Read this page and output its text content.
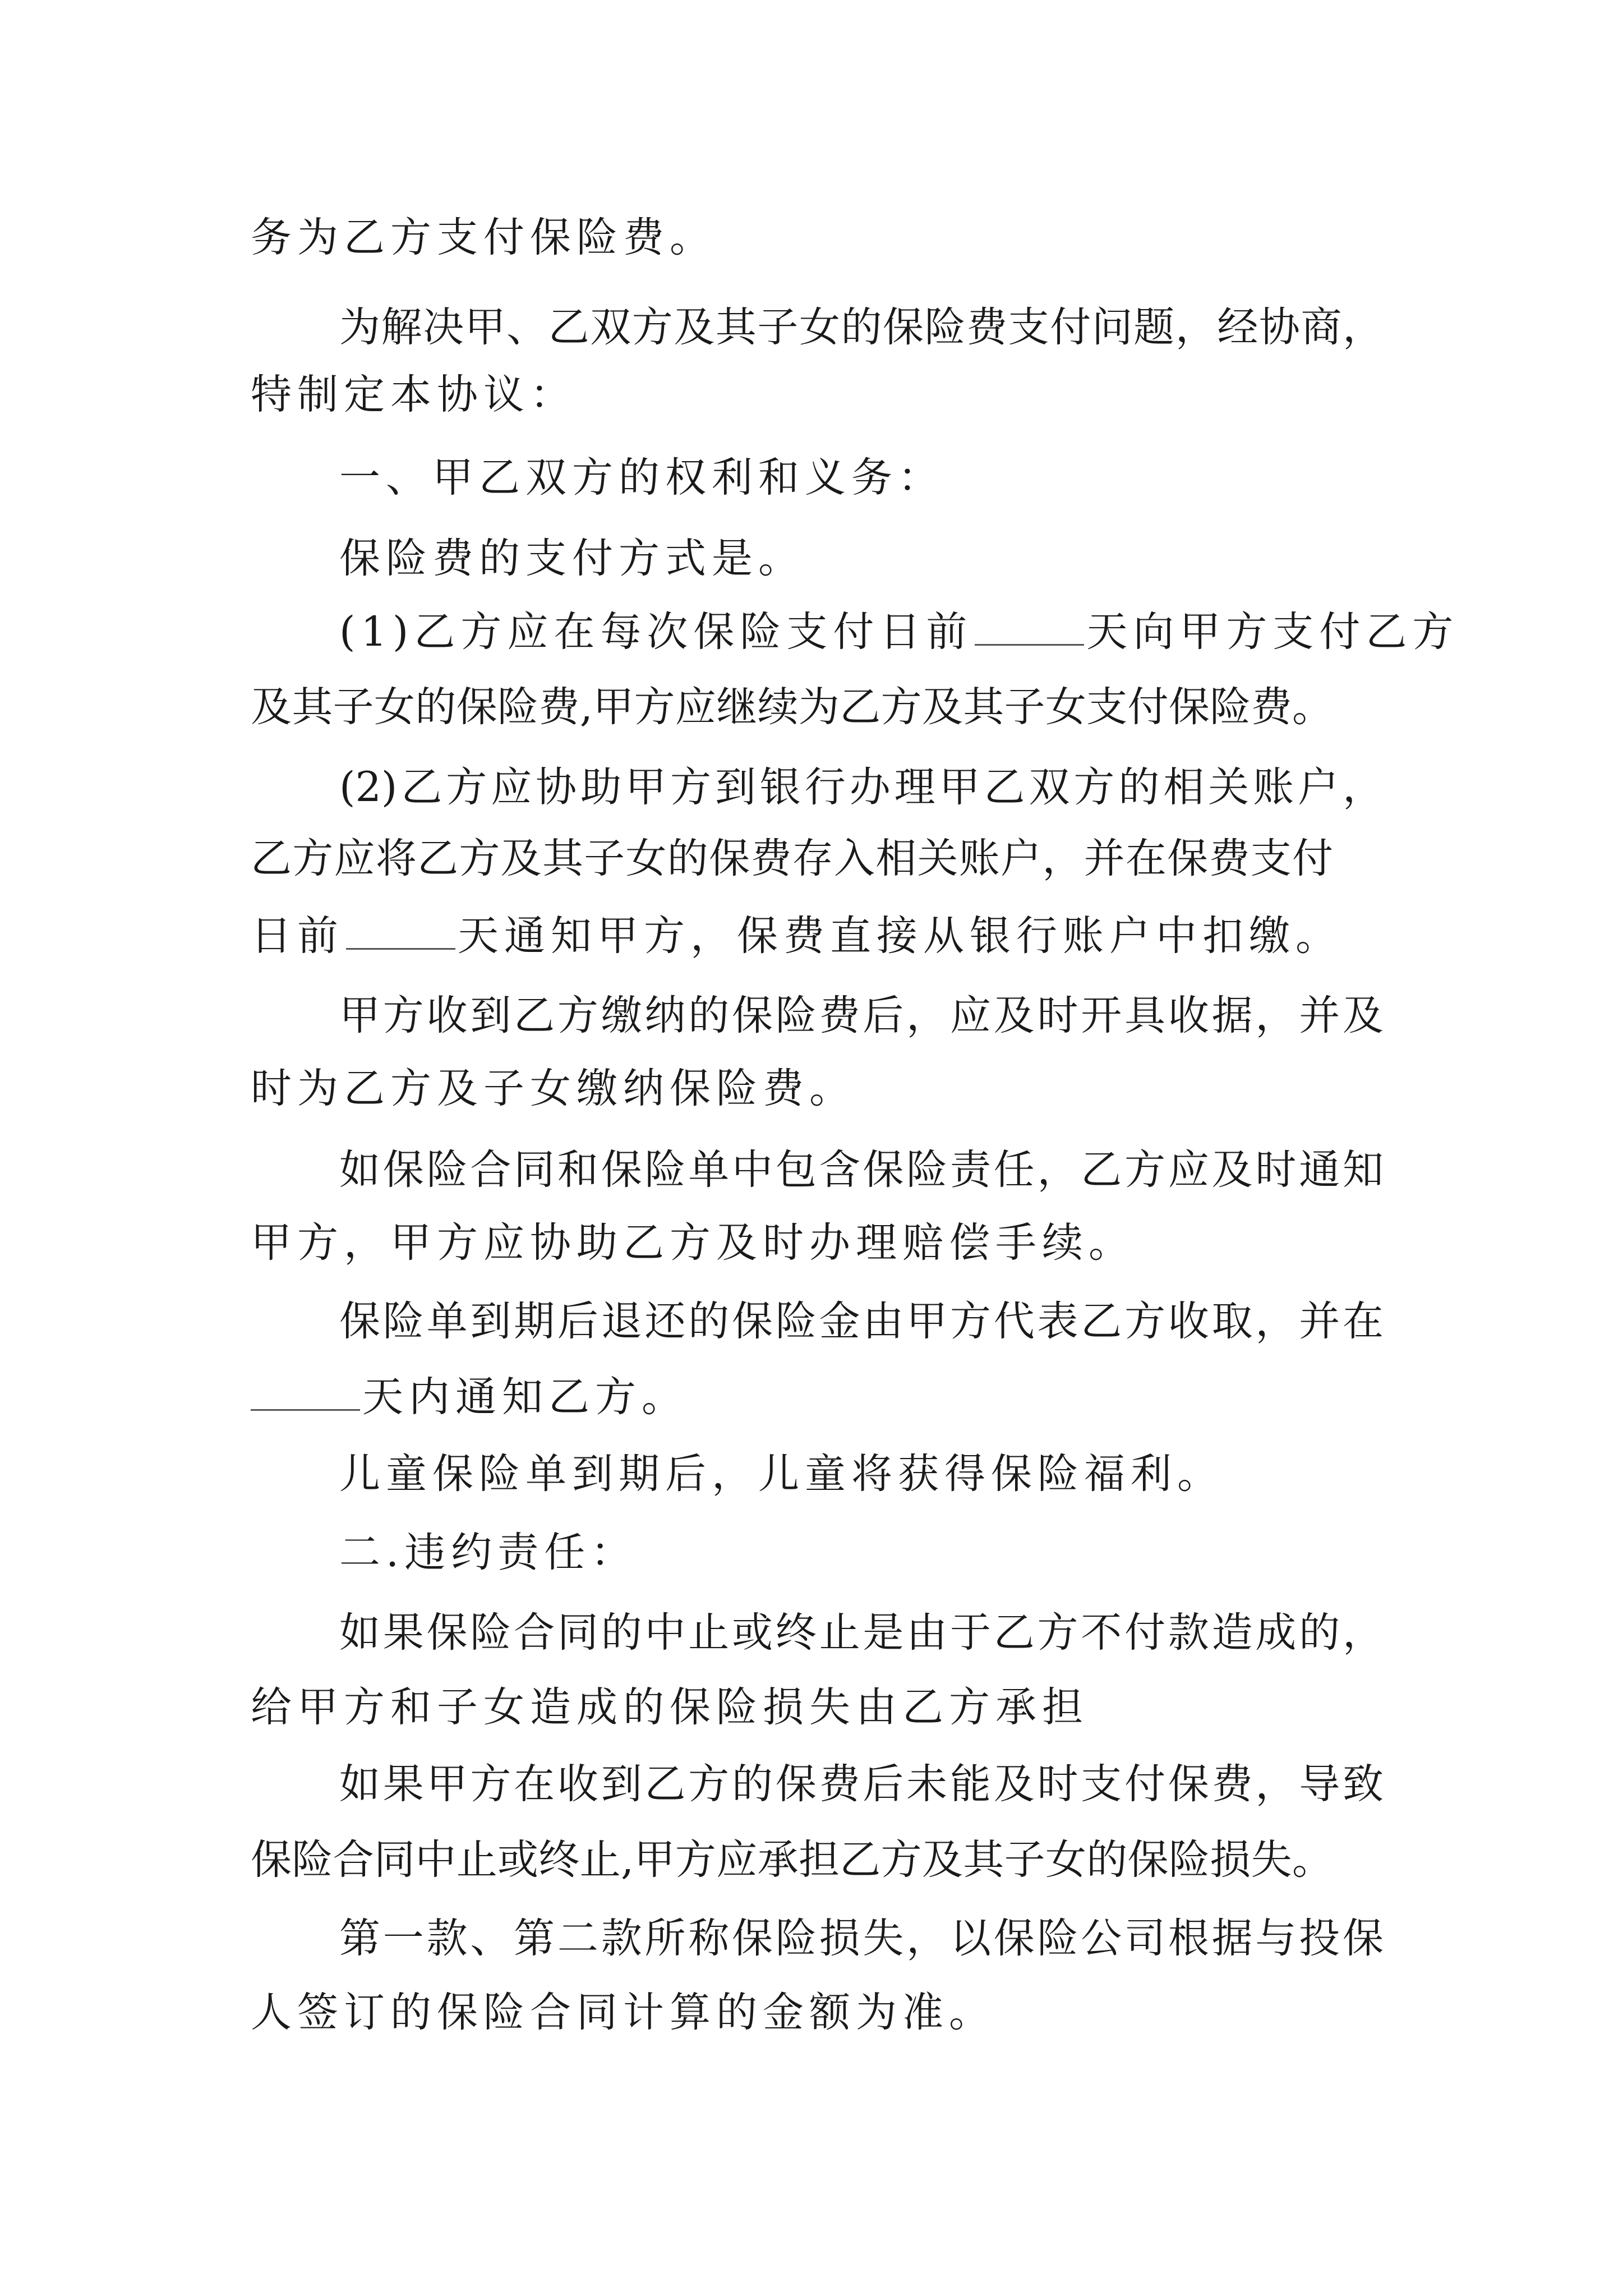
务为乙方支付保险费。
为解决甲、乙双方及其子女的保险费支付问题，经协商，
特制定本协议：
一、甲乙双方的权利和义务：
保险费的支付方式是。
(1)乙方应在每次保险支付日前	天向甲方支付乙方
及其子女的保险费,甲方应继续为乙方及其子女支付保险费。
(2)乙方应协助甲方到银行办理甲乙双方的相关账户，
乙方应将乙方及其子女的保费存入相关账户，并在保费支付
日前	天通知甲方，保费直接从银行账户中扣缴。
甲方收到乙方缴纳的保险费后，应及时开具收据，并及
时为乙方及子女缴纳保险费。
如保险合同和保险单中包含保险责任，乙方应及时通知
甲方，甲方应协助乙方及时办理赔偿手续。
保险单到期后退还的保险金由甲方代表乙方收取，并在
天内通知乙方。
儿童保险单到期后，儿童将获得保险福利。
二.违约责任：
如果保险合同的中止或终止是由于乙方不付款造成的，
给甲方和子女造成的保险损失由乙方承担
如果甲方在收到乙方的保费后未能及时支付保费，导致
保险合同中止或终止,甲方应承担乙方及其子女的保险损失。
第一款、第二款所称保险损失，以保险公司根据与投保
人签订的保险合同计算的金额为准。
